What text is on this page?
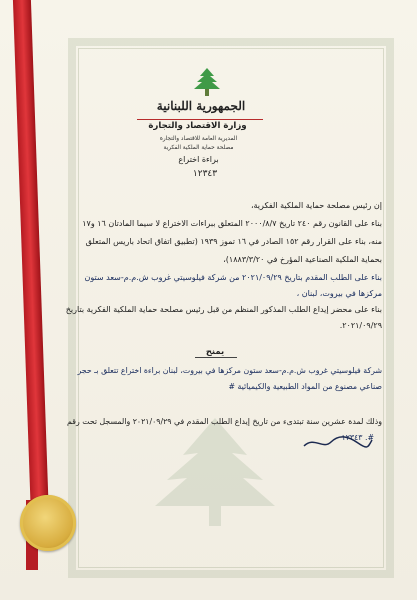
الجمهورية اللبنانية
وزارة الاقتصاد والتجارة
المديرية العامة للاقتصاد والتجارة
مصلحة حماية الملكية الفكرية
براءة اختراع
١٢٣٤٣
إن رئيس مصلحة حماية الملكية الفكرية،
بناء على القانون رقم ٢٤٠ تاريخ ٢٠٠٠/٨/٧ المتعلق ببراءات الاختراع لا سيما المادتان ١٦ و١٧
منه، بناء على القرار رقم ١٥٢ الصادر في ١٦ تموز ١٩٣٩ (تطبيق اتفاق اتحاد باريس المتعلق
بحماية الملكية الصناعية المؤرخ في ١٨٨٣/٣/٢٠)،
بناء على الطلب المقدم بتاريخ ٢٠٢١/٠٩/٢٩ من شركة فيلوسيتي غروب ش.م.م-سعد ستون
مركزها في بيروت، لبنان ،
بناء على محضر إيداع الطلب المذكور المنظم من قبل رئيس مصلحة حماية الملكية الفكرية بتاريخ
٢٠٢١/٠٩/٢٩.
يمنح
شركة فيلوسيتي غروب ش.م.م-سعد ستون مركزها في بيروت، لبنان براءة اختراع تتعلق بـ حجر
صناعي مصنوع من المواد الطبيعية والكيميائية #
وذلك لمدة عشرين سنة تبتدىء من تاريخ إيداع الطلب المقدم في ٢٠٢١/٠٩/٢٩ والمسجل تحت رقم
#. ١٢٣٤٣
